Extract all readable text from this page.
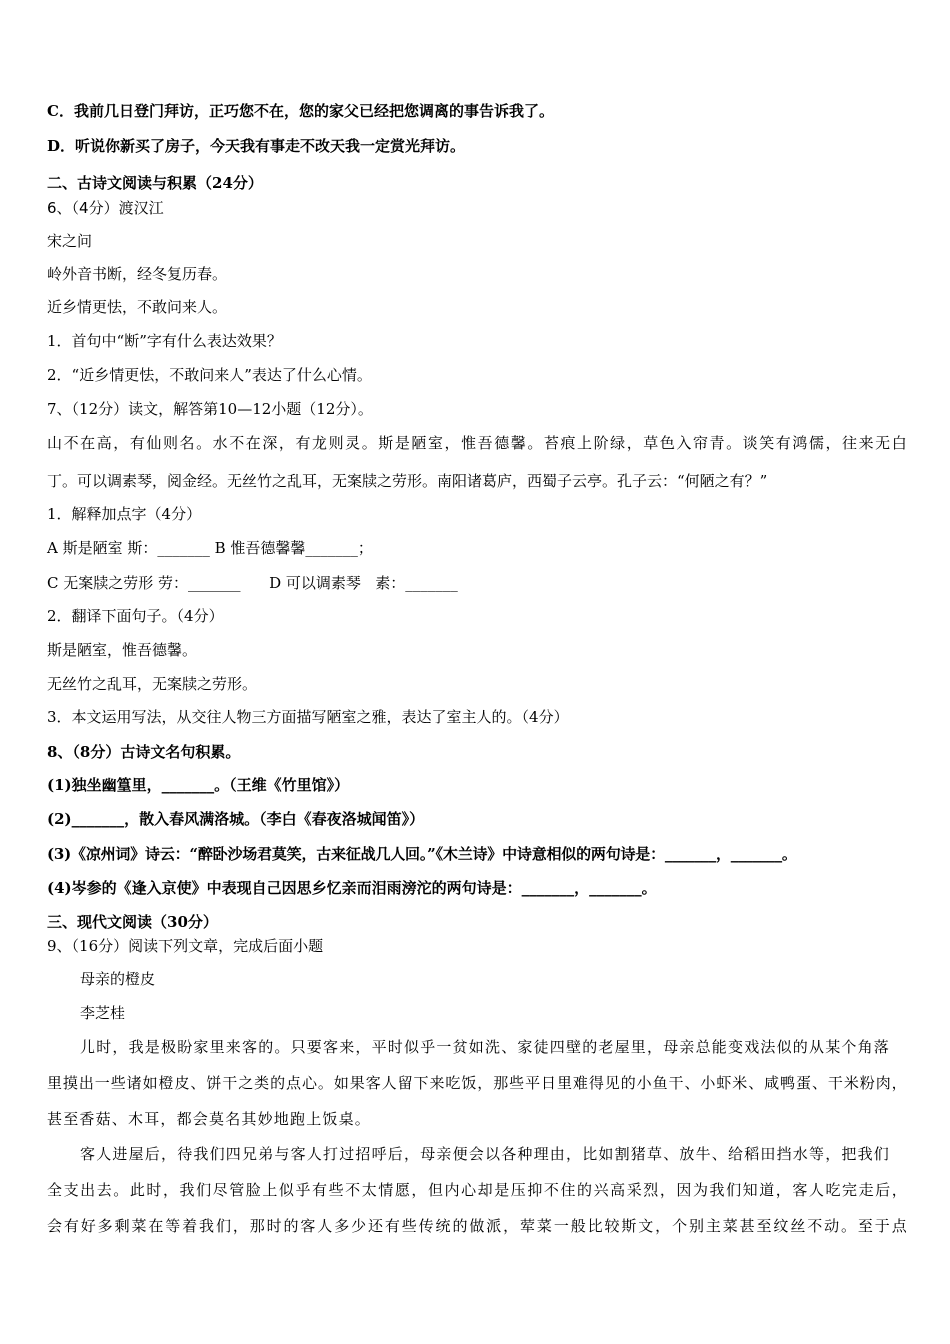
C．我前几日登门拜访，正巧您不在，您的家父已经把您调离的事告诉我了。
D．听说你新买了房子，今天我有事走不改天我一定赏光拜访。
二、古诗文阅读与积累（24分）
6、（4分）渡汉江
宋之问
岭外音书断，经冬复历春。
近乡情更怯，不敢问来人。
1．首句中“断”字有什么表达效果？
2．“近乡情更怯，不敢问来人”表达了什么心情。
7、（12分）读文，解答第10—12小题（12分）。
山不在高，有仙则名。水不在深，有龙则灵。斯是陋室，惟吾德馨。苔痕上阶绿，草色入帘青。谈笑有鸿儒，往来无白
丁。可以调素琴，阅金经。无丝竹之乱耳，无案牍之劳形。南阳诸葛庐，西蜀子云亭。孔子云：“何陋之有？”
1．解释加点字（4分）
A 斯是陋室 斯：_______ B 惟吾德馨馨_______；
C 无案牍之劳形 劳：_______      D 可以调素琴   素：_______
2．翻译下面句子。（4分）
斯是陋室，惟吾德馨。
无丝竹之乱耳，无案牍之劳形。
3．本文运用写法，从交往人物三方面描写陋室之雅，表达了室主人的。（4分）
8、（8分）古诗文名句积累。
(1)独坐幽篁里，_______。（王维《竹里馆》）
(2)_______，散入春风满洛城。（李白《春夜洛城闻笛》）
(3)《凉州词》诗云：“醉卧沙场君莫笑，古来征战几人回。”《木兰诗》中诗意相似的两句诗是：_______，_______。
(4)岑参的《逢入京使》中表现自己因思乡忆亲而泪雨滂沱的两句诗是：_______，_______。
三、现代文阅读（30分）
9、（16分）阅读下列文章，完成后面小题
母亲的橙皮
李芝桂
儿时，我是极盼家里来客的。只要客来，平时似乎一贫如洗、家徒四壁的老屋里，母亲总能变戏法似的从某个角落
里摸出一些诸如橙皮、饼干之类的点心。如果客人留下来吃饭，那些平日里难得见的小鱼干、小虾米、咸鸭蛋、干米粉肉，
甚至香菇、木耳，都会莫名其妙地跑上饭桌。
客人进屋后，待我们四兄弟与客人打过招呼后，母亲便会以各种理由，比如割猪草、放牛、给稻田挡水等，把我们
全支出去。此时，我们尽管脸上似乎有些不太情愿，但内心却是压抑不住的兴高采烈，因为我们知道，客人吃完走后，
会有好多剩菜在等着我们，那时的客人多少还有些传统的做派，荤菜一般比较斯文，个别主菜甚至纹丝不动。至于点
